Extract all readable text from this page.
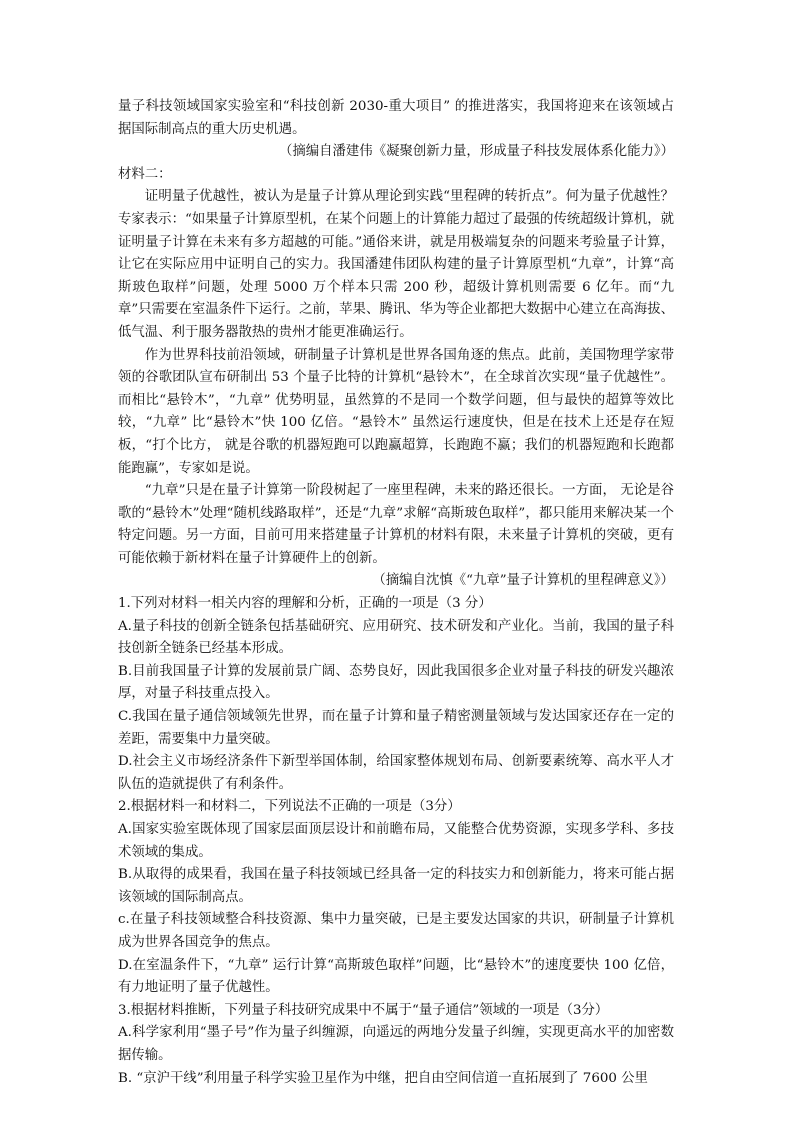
量子科技领域国家实验室和“科技创新 2030-重大项目” 的推进落实，我国将迎来在该领域占据国际制高点的重大历史机遇。

（摘编自潘建伟《凝聚创新力量，形成量子科技发展体系化能力》）

材料二：

证明量子优越性，被认为是量子计算从理论到实践“里程碑的转折点”。何为量子优越性？专家表示：“如果量子计算原型机，在某个问题上的计算能力超过了最强的传统超级计算机，就证明量子计算在未来有多方超越的可能。”通俗来讲，就是用极端复杂的问题来考验量子计算，让它在实际应用中证明自己的实力。我国潘建伟团队构建的量子计算原型机“九章”，计算“高斯玻色取样”问题，处理 5000 万个样本只需 200 秒，超级计算机则需要 6 亿年。而“九章”只需要在室温条件下运行。之前，苹果、腾讯、华为等企业都把大数据中心建立在高海拔、低气温、利于服务器散热的贵州才能更准确运行。

作为世界科技前沿领域，研制量子计算机是世界各国角逐的焦点。此前，美国物理学家带领的谷歌团队宣布研制出 53 个量子比特的计算机“悬铃木”，在全球首次实现“量子优越性”。而相比“悬铃木”，“九章” 优势明显，虽然算的不是同一个数学问题，但与最快的超算等效比较，“九章” 比“悬铃木”快 100 亿倍。“悬铃木” 虽然运行速度快，但是在技术上还是存在短板，“打个比方， 就是谷歌的机器短跑可以跑赢超算，长跑跑不赢；我们的机器短跑和长跑都能跑赢”，专家如是说。

“九章”只是在量子计算第一阶段树起了一座里程碑，未来的路还很长。一方面， 无论是谷歌的“悬铃木”处理“随机线路取样”，还是“九章”求解“高斯玻色取样”，都只能用来解决某一个特定问题。另一方面，目前可用来搭建量子计算机的材料有限，未来量子计算机的突破，更有可能依赖于新材料在量子计算硬件上的创新。

（摘编自沈慎《“九章”量子计算机的里程碑意义》）

1.下列对材料一相关内容的理解和分析，正确的一项是（3 分）

A.量子科技的创新全链条包括基础研究、应用研究、技术研发和产业化。当前，我国的量子科技创新全链条已经基本形成。

B.目前我国量子计算的发展前景广阔、态势良好，因此我国很多企业对量子科技的研发兴趣浓厚，对量子科技重点投入。

C.我国在量子通信领域领先世界，而在量子计算和量子精密测量领域与发达国家还存在一定的差距，需要集中力量突破。

D.社会主义市场经济条件下新型举国体制，给国家整体规划布局、创新要素统筹、高水平人才队伍的造就提供了有利条件。

2.根据材料一和材料二，下列说法不正确的一项是（3分）

A.国家实验室既体现了国家层面顶层设计和前瞻布局，又能整合优势资源，实现多学科、多技术领域的集成。

B.从取得的成果看，我国在量子科技领域已经具备一定的科技实力和创新能力，将来可能占据该领域的国际制高点。

c.在量子科技领域整合科技资源、集中力量突破，已是主要发达国家的共识，研制量子计算机成为世界各国竞争的焦点。

D.在室温条件下，“九章” 运行计算“高斯玻色取样”问题，比“悬铃木”的速度要快 100 亿倍，有力地证明了量子优越性。

3.根据材料推断，下列量子科技研究成果中不属于“量子通信”领域的一项是（3分）

A.科学家利用“墨子号”作为量子纠缠源，向遥远的两地分发量子纠缠，实现更高水平的加密数据传输。

B. “京沪干线”利用量子科学实验卫星作为中继，把自由空间信道一直拓展到了 7600 公里
